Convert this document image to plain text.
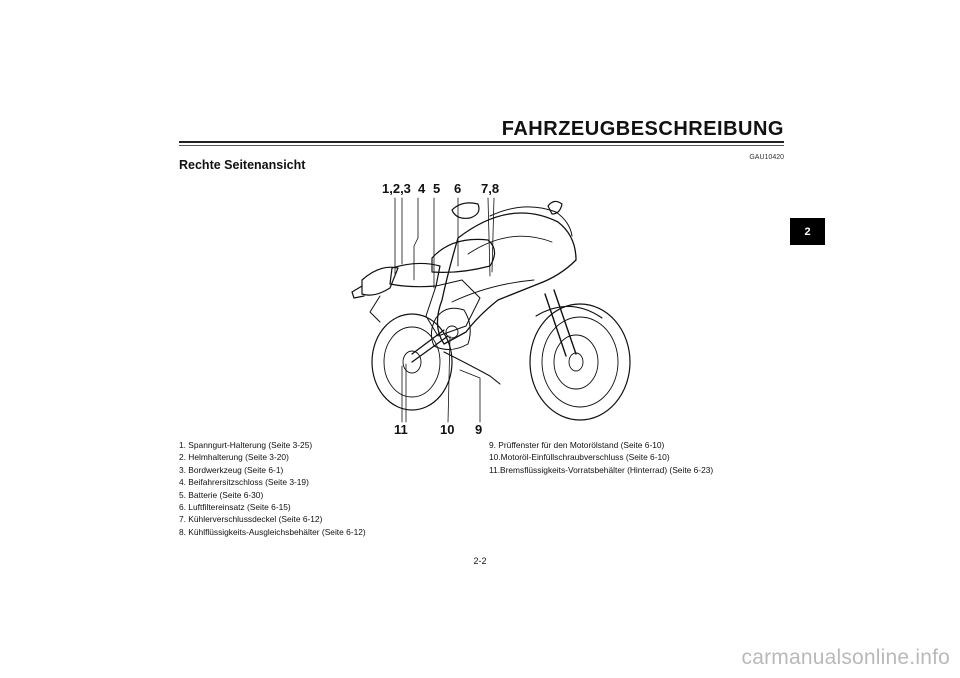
FAHRZEUGBESCHREIBUNG
GAU10420
Rechte Seitenansicht
2
1,2,3 4 5 6 7,8
11 10 9
1. Spanngurt-Halterung (Seite 3-25)
2. Helmhalterung (Seite 3-20)
3. Bordwerkzeug (Seite 6-1)
4. Beifahrersitzschloss (Seite 3-19)
5. Batterie (Seite 6-30)
6. Luftfiltereinsatz (Seite 6-15)
7. Kühlerverschlussdeckel (Seite 6-12)
8. Kühlflüssigkeits-Ausgleichsbehälter (Seite 6-12)
9. Prüffenster für den Motorölstand (Seite 6-10)
10.Motoröl-Einfüllschraubverschluss (Seite 6-10)
11.Bremsflüssigkeits-Vorratsbehälter (Hinterrad) (Seite 6-23)
2-2
carmanualsonline.info
